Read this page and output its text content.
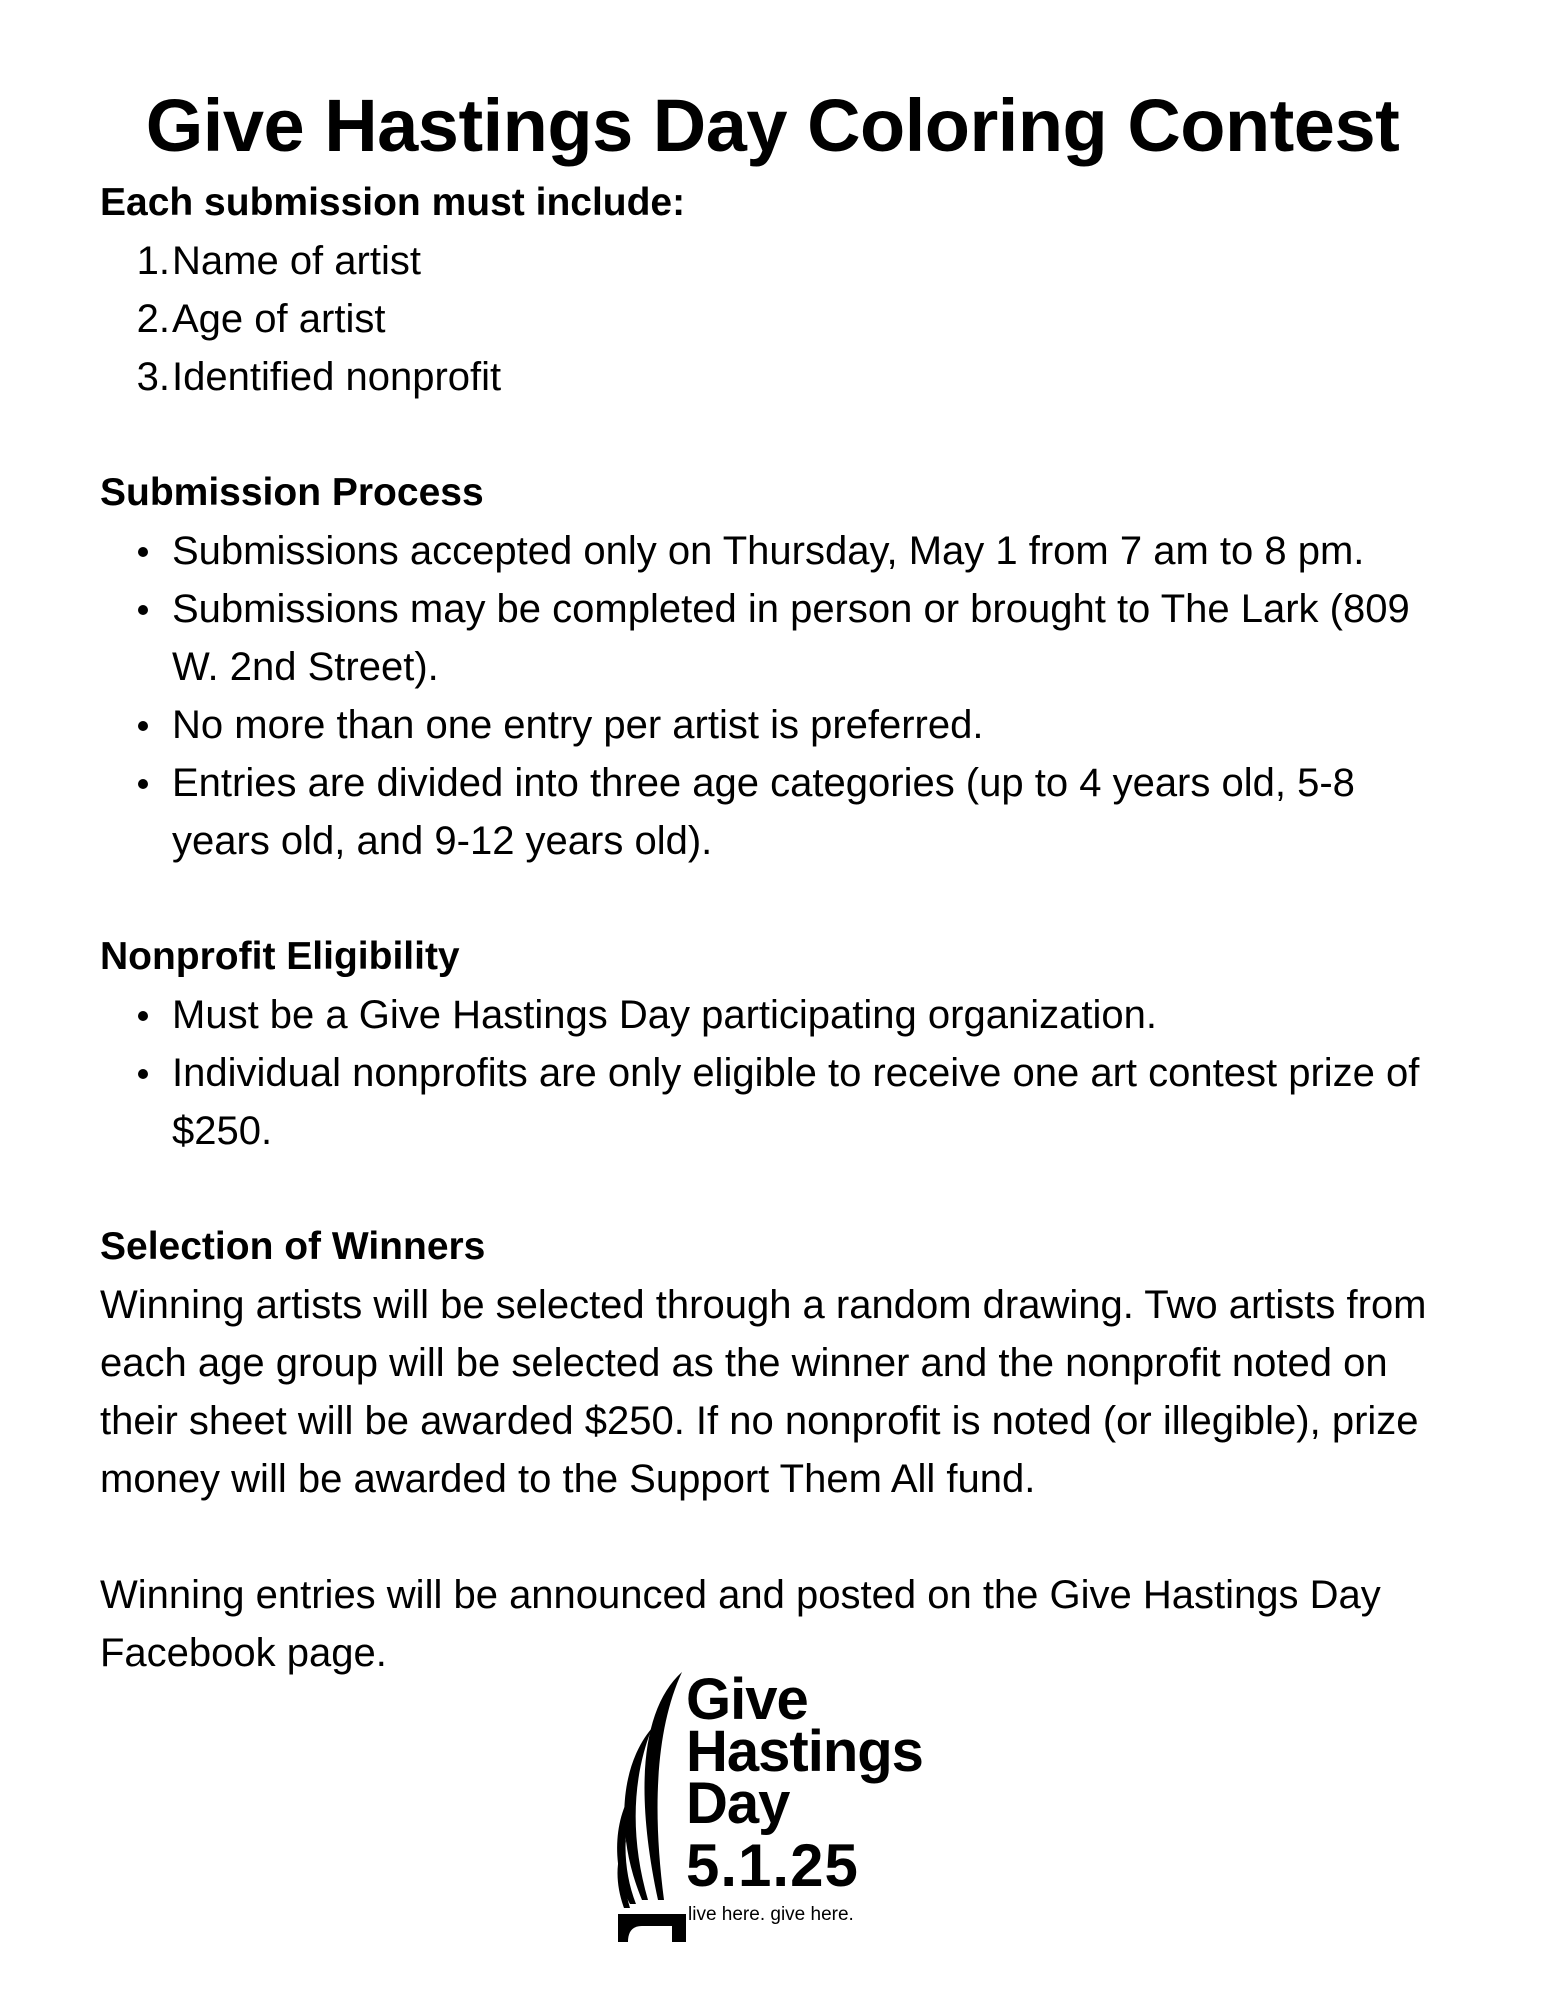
Give Hastings Day Coloring Contest
Each submission must include:
1. Name of artist
2. Age of artist
3. Identified nonprofit
Submission Process
Submissions accepted only on Thursday, May 1 from 7 am to 8 pm.
Submissions may be completed in person or brought to The Lark (809 W. 2nd Street).
No more than one entry per artist is preferred.
Entries are divided into three age categories (up to 4 years old, 5-8 years old, and 9-12 years old).
Nonprofit Eligibility
Must be a Give Hastings Day participating organization.
Individual nonprofits are only eligible to receive one art contest prize of $250.
Selection of Winners

Winning artists will be selected through a random drawing. Two artists from each age group will be selected as the winner and the nonprofit noted on their sheet will be awarded $250. If no nonprofit is noted (or illegible), prize money will be awarded to the Support Them All fund.

Winning entries will be announced and posted on the Give Hastings Day Facebook page.

Give
Hastings
Day
5.1.25
live here. give here.
